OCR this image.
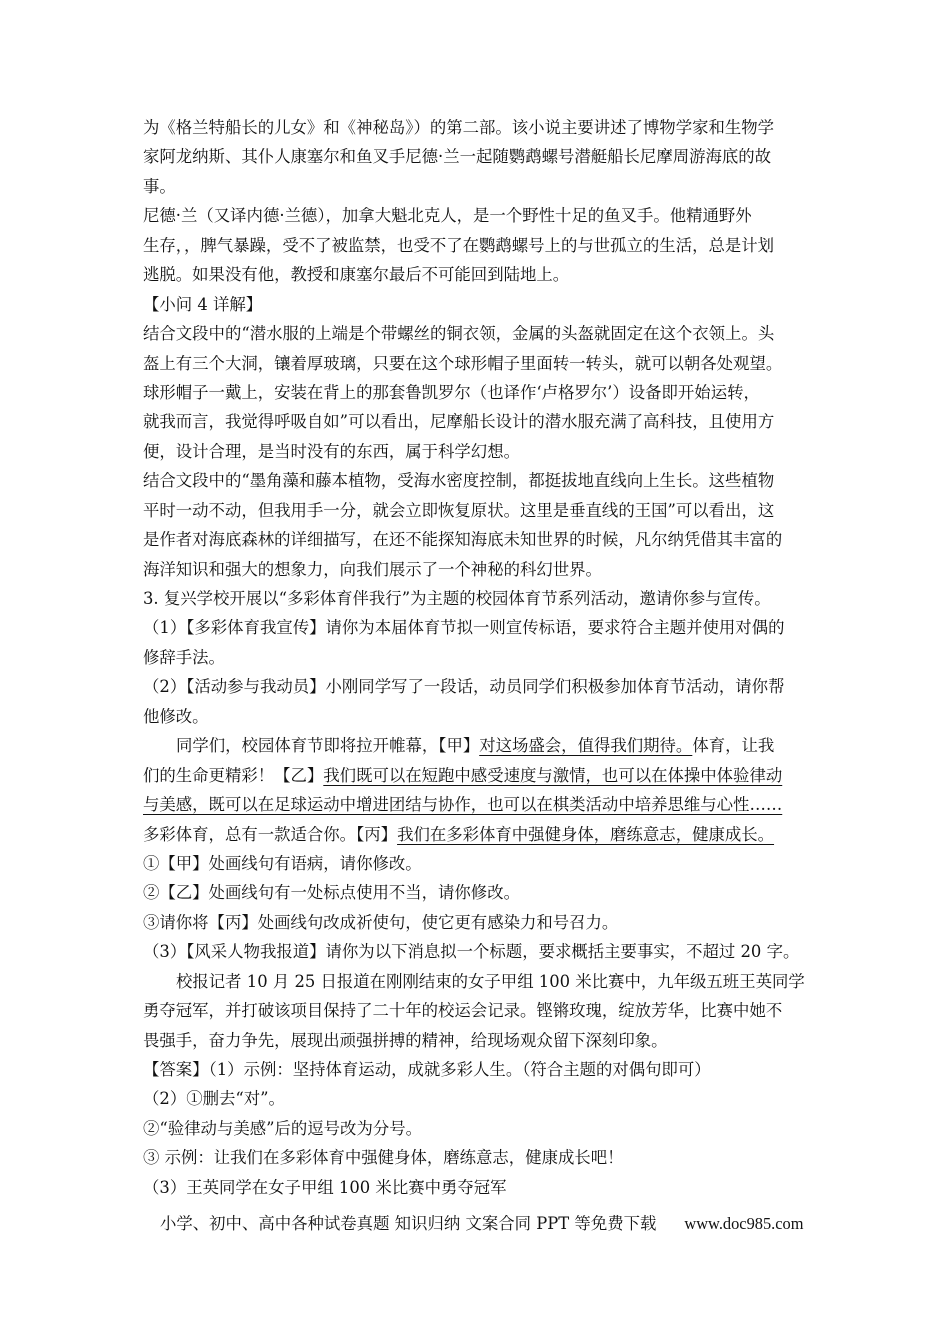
为《格兰特船长的儿女》和《神秘岛》）的第二部。该小说主要讲述了博物学家和生物学
家阿龙纳斯、其仆人康塞尔和鱼叉手尼德·兰一起随鹦鹉螺号潜艇船长尼摩周游海底的故
事。
尼德·兰（又译内德·兰德），加拿大魁北克人，是一个野性十足的鱼叉手。他精通野外
生存，，脾气暴躁，受不了被监禁，也受不了在鹦鹉螺号上的与世孤立的生活，总是计划
逃脱。如果没有他，教授和康塞尔最后不可能回到陆地上。
【小问 4 详解】
结合文段中的“潜水服的上端是个带螺丝的铜衣领，金属的头盔就固定在这个衣领上。头
盔上有三个大洞，镶着厚玻璃，只要在这个球形帽子里面转一转头，就可以朝各处观望。
球形帽子一戴上，安装在背上的那套鲁凯罗尔（也译作‘卢格罗尔’）设备即开始运转，
就我而言，我觉得呼吸自如”可以看出，尼摩船长设计的潜水服充满了高科技，且使用方
便，设计合理，是当时没有的东西，属于科学幻想。
结合文段中的“墨角藻和藤本植物，受海水密度控制，都挺拔地直线向上生长。这些植物
平时一动不动，但我用手一分，就会立即恢复原状。这里是垂直线的王国”可以看出，这
是作者对海底森林的详细描写，在还不能探知海底未知世界的时候，凡尔纳凭借其丰富的
海洋知识和强大的想象力，向我们展示了一个神秘的科幻世界。
3. 复兴学校开展以“多彩体育伴我行”为主题的校园体育节系列活动，邀请你参与宣传。
（1）【多彩体育我宣传】请你为本届体育节拟一则宣传标语，要求符合主题并使用对偶的
修辞手法。
（2）【活动参与我动员】小刚同学写了一段话，动员同学们积极参加体育节活动，请你帮
他修改。
同学们，校园体育节即将拉开帷幕，【甲】对这场盛会，值得我们期待。体育，让我
们的生命更精彩！【乙】我们既可以在短跑中感受速度与激情，也可以在体操中体验律动
与美感，既可以在足球运动中增进团结与协作，也可以在棋类活动中培养思维与心性……
多彩体育，总有一款适合你。【丙】我们在多彩体育中强健身体，磨练意志，健康成长。
①【甲】处画线句有语病，请你修改。
②【乙】处画线句有一处标点使用不当，请你修改。
③请你将【丙】处画线句改成祈使句，使它更有感染力和号召力。
（3）【风采人物我报道】请你为以下消息拟一个标题，要求概括主要事实，不超过 20 字。
校报记者 10 月 25 日报道在刚刚结束的女子甲组 100 米比赛中，九年级五班王英同学
勇夺冠军，并打破该项目保持了二十年的校运会记录。铿锵玫瑰，绽放芳华，比赛中她不
畏强手，奋力争先，展现出顽强拼搏的精神，给现场观众留下深刻印象。
【答案】（1）示例：坚持体育运动，成就多彩人生。（符合主题的对偶句即可）
（2）①删去“对”。
②“验律动与美感”后的逗号改为分号。
③ 示例：让我们在多彩体育中强健身体，磨练意志，健康成长吧！
（3）王英同学在女子甲组 100 米比赛中勇夺冠军
小学、初中、高中各种试卷真题 知识归纳 文案合同 PPT 等免费下载 www.doc985.com
